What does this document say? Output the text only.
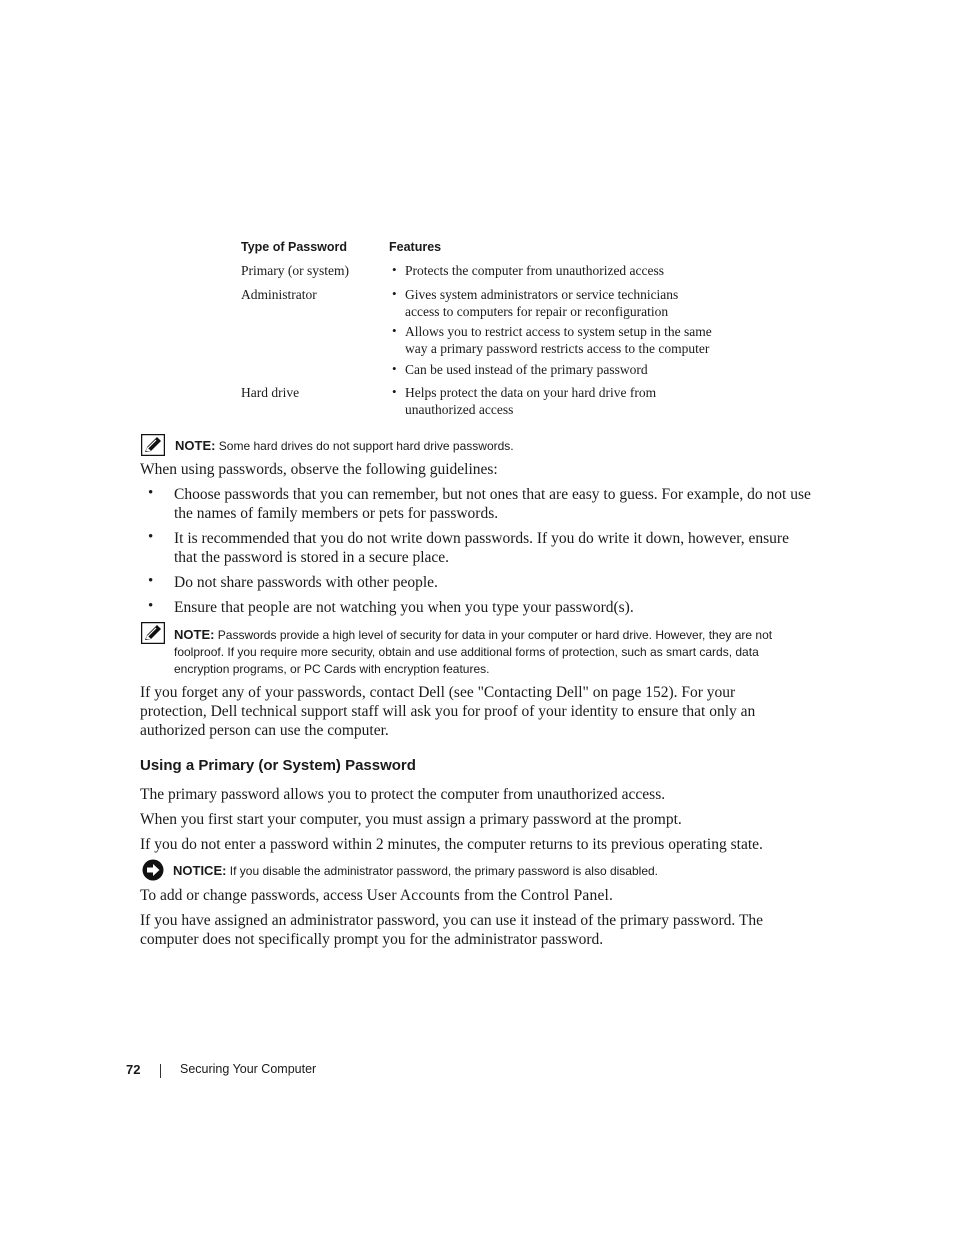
Type of Password	Features
Primary (or system)	• Protects the computer from unauthorized access
Administrator	• Gives system administrators or service technicians access to computers for repair or reconfiguration
• Allows you to restrict access to system setup in the same way a primary password restricts access to the computer
• Can be used instead of the primary password
Hard drive	• Helps protect the data on your hard drive from unauthorized access
NOTE: Some hard drives do not support hard drive passwords.
When using passwords, observe the following guidelines:
• Choose passwords that you can remember, but not ones that are easy to guess. For example, do not use the names of family members or pets for passwords.
• It is recommended that you do not write down passwords. If you do write it down, however, ensure that the password is stored in a secure place.
• Do not share passwords with other people.
• Ensure that people are not watching you when you type your password(s).
NOTE: Passwords provide a high level of security for data in your computer or hard drive. However, they are not foolproof. If you require more security, obtain and use additional forms of protection, such as smart cards, data encryption programs, or PC Cards with encryption features.
If you forget any of your passwords, contact Dell (see "Contacting Dell" on page 152). For your protection, Dell technical support staff will ask you for proof of your identity to ensure that only an authorized person can use the computer.
Using a Primary (or System) Password
The primary password allows you to protect the computer from unauthorized access.
When you first start your computer, you must assign a primary password at the prompt.
If you do not enter a password within 2 minutes, the computer returns to its previous operating state.
NOTICE: If you disable the administrator password, the primary password is also disabled.
To add or change passwords, access User Accounts from the Control Panel.
If you have assigned an administrator password, you can use it instead of the primary password. The computer does not specifically prompt you for the administrator password.
72	Securing Your Computer
